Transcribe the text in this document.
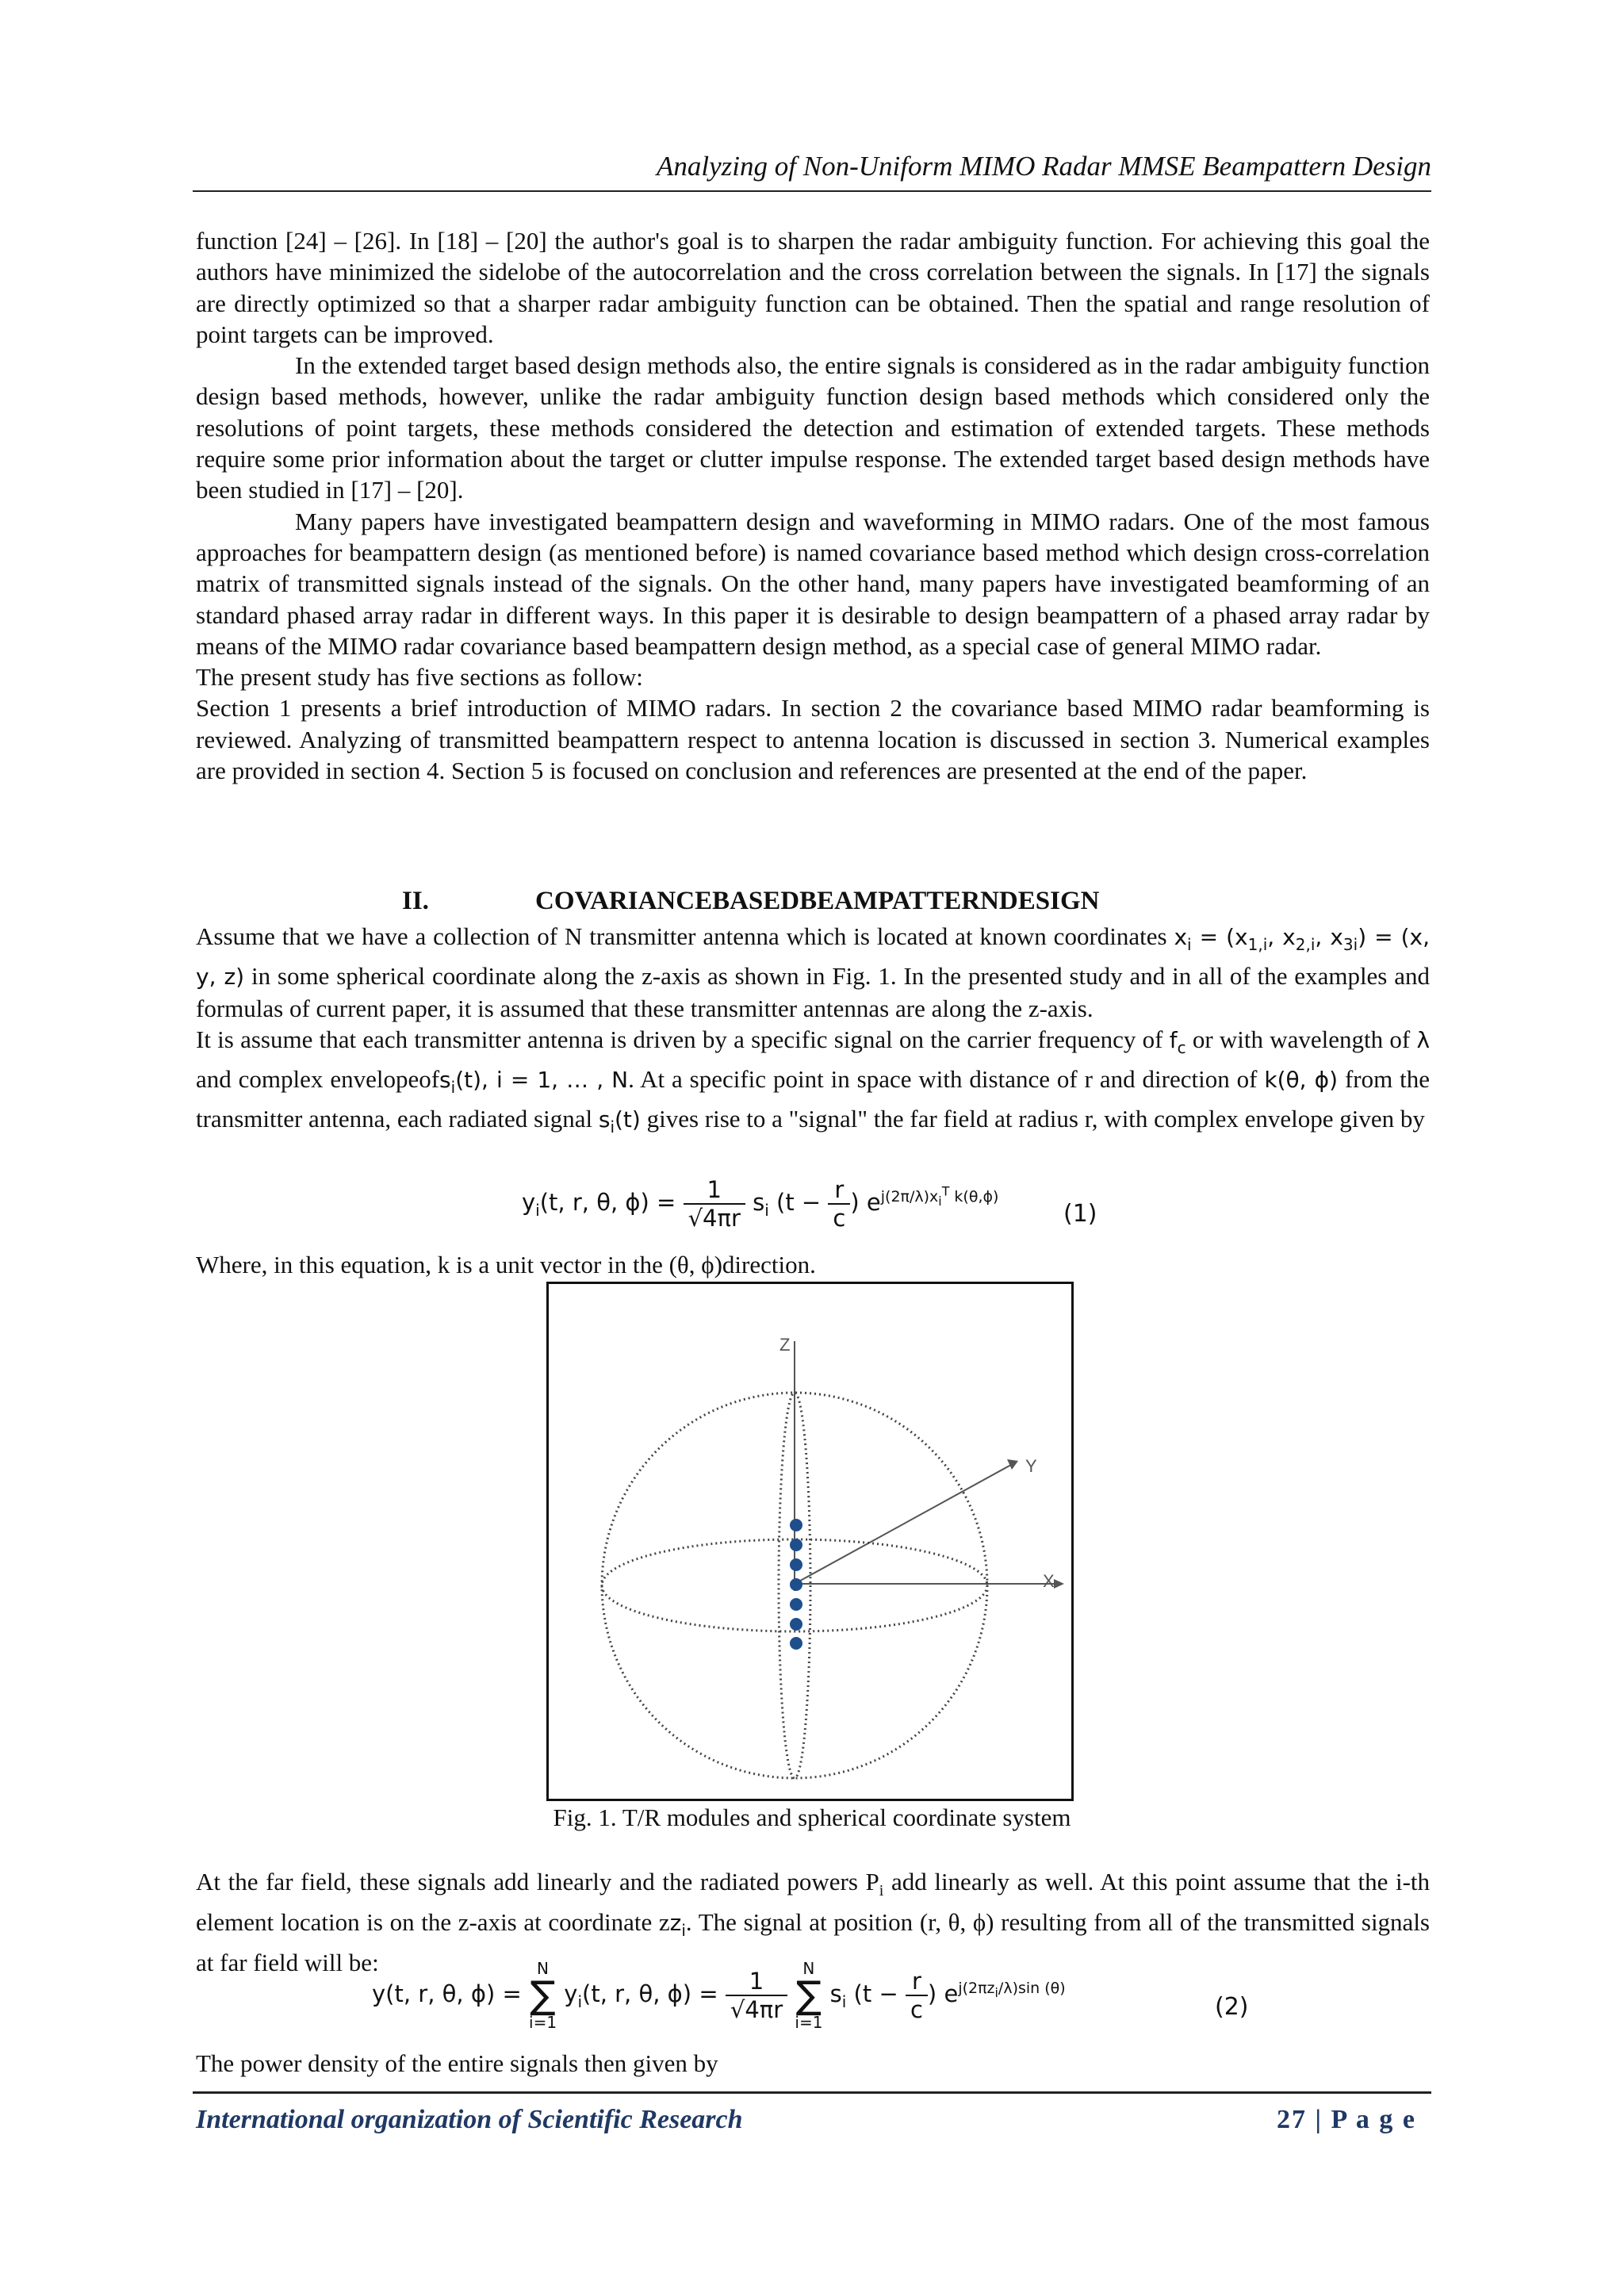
Analyzing of Non-Uniform MIMO Radar MMSE Beampattern Design

function [24] – [26]. In [18] – [20] the author's goal is to sharpen the radar ambiguity function. For achieving this goal the authors have minimized the sidelobe of the autocorrelation and the cross correlation between the signals. In [17] the signals are directly optimized so that a sharper radar ambiguity function can be obtained. Then the spatial and range resolution of point targets can be improved.

In the extended target based design methods also, the entire signals is considered as in the radar ambiguity function design based methods, however, unlike the radar ambiguity function design based methods which considered only the resolutions of point targets, these methods considered the detection and estimation of extended targets. These methods require some prior information about the target or clutter impulse response. The extended target based design methods have been studied in [17] – [20].

Many papers have investigated beampattern design and waveforming in MIMO radars. One of the most famous approaches for beampattern design (as mentioned before) is named covariance based method which design cross-correlation matrix of transmitted signals instead of the signals. On the other hand, many papers have investigated beamforming of an standard phased array radar in different ways. In this paper it is desirable to design beampattern of a phased array radar by means of the MIMO radar covariance based beampattern design method, as a special case of general MIMO radar.

The present study has five sections as follow:

Section 1 presents a brief introduction of MIMO radars. In section 2 the covariance based MIMO radar beamforming is reviewed. Analyzing of transmitted beampattern respect to antenna location is discussed in section 3. Numerical examples are provided in section 4. Section 5 is focused on conclusion and references are presented at the end of the paper.

II.	COVARIANCEBASEDBEAMPATTERNDESIGN

Assume that we have a collection of N transmitter antenna which is located at known coordinates $x_i = (x_{1,i}$, $x_{2,i}$, $x_{3i}) = (x$, y, z) in some spherical coordinate along the z-axis as shown in Fig. 1. In the presented study and in all of the examples and formulas of current paper, it is assumed that these transmitter antennas are along the z-axis.

It is assume that each transmitter antenna is driven by a specific signal on the carrier frequency of $f_c$ or with wavelength of λ and complex envelopeofs$_i$(t), i = 1, … , N. At a specific point in space with distance of r and direction of k(θ, ϕ) from the transmitter antenna, each radiated signal $s_i(t)$ gives rise to a "signal" the far field at radius r, with complex envelope given by

$y_i(t$, r, θ, $\phi) = \frac{1}{√4\pi r} s_i$ ($t - \frac{r}{c}$ ) $e^{j(2\pi/\lambda)x_i^T k(\theta,\phi)}$
(1)
Where, in this equation, k is a unit vector in the (θ, ϕ)direction.
Z
Y
X
Fig. 1. T/R modules and spherical coordinate system

At the far field, these signals add linearly and the radiated powers $P_i$ add linearly as well. At this point assume that the i-th element location is on the z-axis at coordinate $zz_i$. The signal at position (r, θ, ϕ) resulting from all of the transmitted signals at far field will be:

y(t, r, θ, ϕ) =
N
∑
i=1
$y_i(t$, r, θ, $\phi) = \frac{1}{√4\pi r}$
N
∑
i=1
$s_i$ ($t - \frac{r}{c}$ ) $e^{j(2\pi z_i/\lambda)sin (\theta)}$
(2)
The power density of the entire signals then given by
International organization of Scientific Research	27 | P a g e
